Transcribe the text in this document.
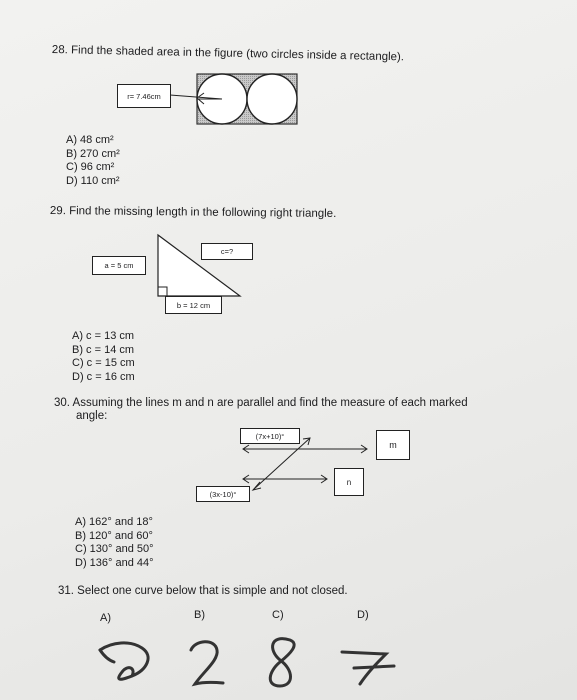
28. Find the shaded area in the figure (two circles inside a rectangle).
r= 7.46cm
A) 48 cm²
B) 270 cm²
C) 96 cm²
D) 110 cm²
29. Find the missing length in the following right triangle.
a = 5 cm
c=?
b = 12 cm
A) c = 13 cm
B) c = 14 cm
C) c = 15 cm
D) c = 16 cm
30. Assuming the lines m and n are parallel and find the measure of each marked
angle:
(7x+10)°
m
n
(3x-10)°
A) 162° and 18°
B) 120° and 60°
C) 130° and 50°
D) 136° and 44°
31. Select one curve below that is simple and not closed.
A)	B)	C)	D)
